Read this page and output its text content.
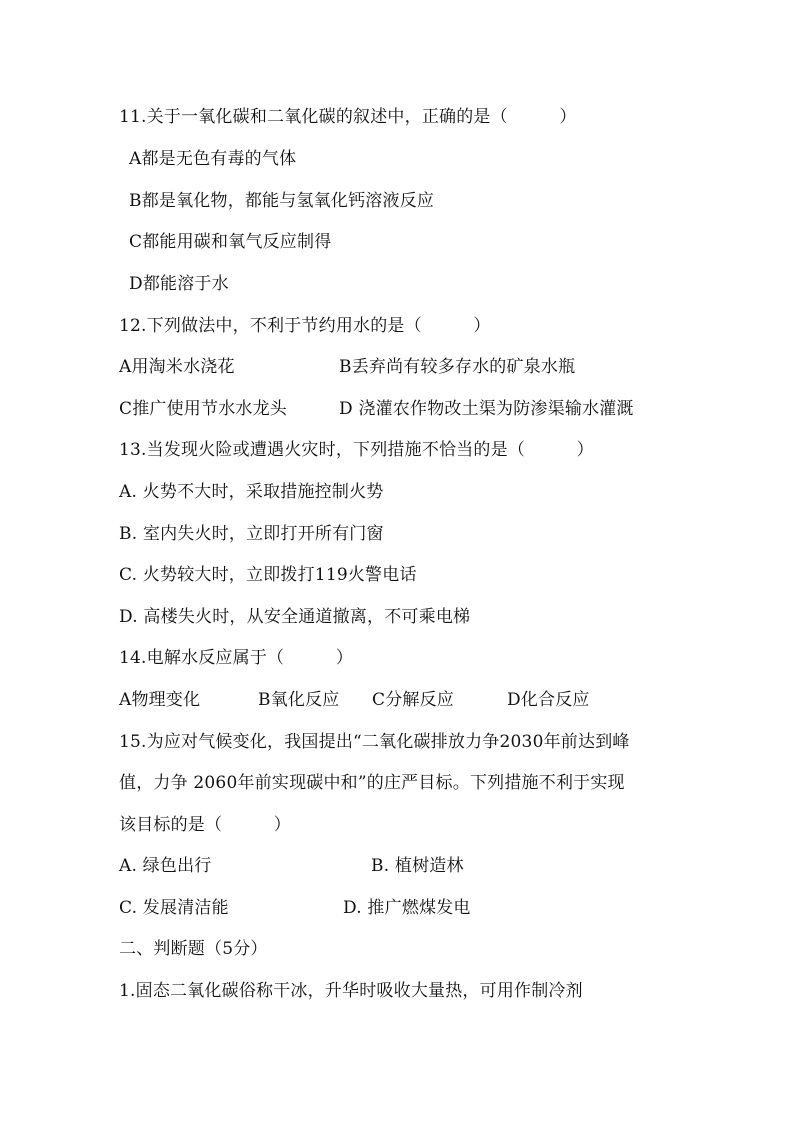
11.关于一氧化碳和二氧化碳的叙述中，正确的是（　　　）
A都是无色有毒的气体
B都是氧化物，都能与氢氧化钙溶液反应
C都能用碳和氧气反应制得
D都能溶于水
12.下列做法中，不利于节约用水的是（　　　）
A用淘米水浇花	B丢弃尚有较多存水的矿泉水瓶
C推广使用节水水龙头	D 浇灌农作物改土渠为防渗渠输水灌溉
13.当发现火险或遭遇火灾时，下列措施不恰当的是（　　　）
A. 火势不大时，采取措施控制火势
B. 室内失火时，立即打开所有门窗
C. 火势较大时，立即拨打119火警电话
D. 高楼失火时，从安全通道撤离，不可乘电梯
14.电解水反应属于（　　　）
A物理变化	B氧化反应 C分解反应	D化合反应
15.为应对气候变化，我国提出“二氧化碳排放力争2030年前达到峰
值，力争 2060年前实现碳中和”的庄严目标。下列措施不利于实现
该目标的是（　　　）
A. 绿色出行	B. 植树造林
C. 发展清洁能	D. 推广燃煤发电
二、判断题（5分）
1.固态二氧化碳俗称干冰，升华时吸收大量热，可用作制冷剂
